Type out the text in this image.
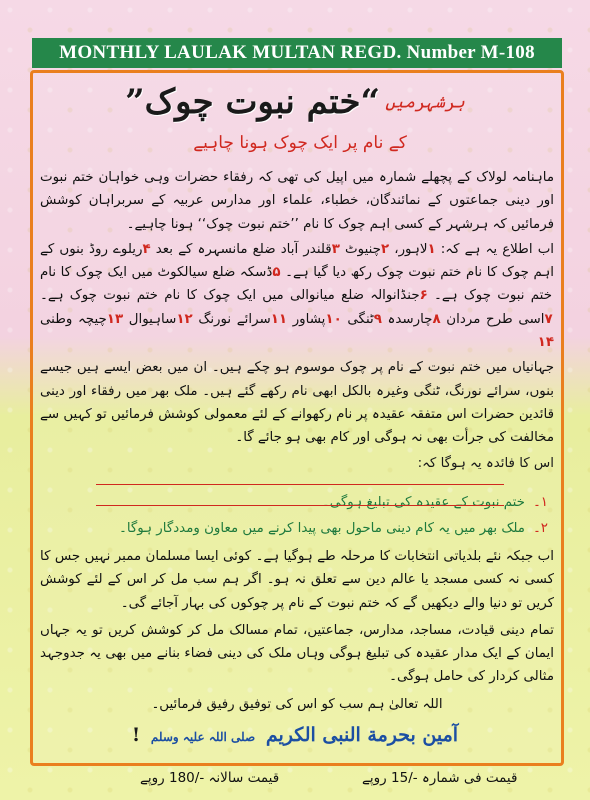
MONTHLY LAULAK MULTAN REGD. Number M-108
ہرشہرمیں “ختم نبوت چوک”
کے نام پر ایک چوک ہونا چاہیے

ماہنامہ لولاک کے پچھلے شمارہ میں اپیل کی تھی کہ رفقاء حضرات وہی خواہان ختم نبوت اور دینی جماعتوں کے نمائندگان، خطباء، علماء اور مدارس عربیہ کے سربراہان کوشش فرمائیں کہ ہرشہر کے کسی اہم چوک کا نام ’’ختم نبوت چوک‘‘ ہونا چاہیے۔

اب اطلاع یہ ہے کہ: ۱لاہور، ۲چنیوٹ ۳قلندر آباد ضلع مانسہرہ کے بعد ۴ریلوے روڈ بنوں کے اہم چوک کا نام ختم نبوت چوک رکھ دیا گیا ہے۔ ۵ڈسکہ ضلع سیالکوٹ میں ایک چوک کا نام ختم نبوت چوک ہے۔ ۶جنڈانوالہ ضلع میانوالی میں ایک چوک کا نام ختم نبوت چوک ہے۔ ۷اسی طرح مردان ۸چارسدہ ۹ٹنگی ۱۰پشاور ۱۱سرائے نورنگ ۱۲ساہیوال ۱۳چیچہ وطنی ۱۴

جہانیاں میں ختم نبوت کے نام پر چوک موسوم ہو چکے ہیں۔ ان میں بعض ایسے ہیں جیسے بنوں، سرائے نورنگ، ٹنگی وغیرہ بالکل ابھی نام رکھے گئے ہیں۔ ملک بھر میں رفقاء اور دینی قائدین حضرات اس متفقہ عقیدہ پر نام رکھوانے کے لئے معمولی کوشش فرمائیں تو کہیں سے مخالفت کی جرأت بھی نہ ہوگی اور کام بھی ہو جائے گا۔

اس کا فائدہ یہ ہوگا کہ:

۱۔ختم نبوت کے عقیدہ کی تبلیغ ہوگی۔
۲۔ملک بھر میں یہ کام دینی ماحول بھی پیدا کرنے میں معاون ومددگار ہوگا۔

اب جبکہ نئے بلدیاتی انتخابات کا مرحلہ طے ہوگیا ہے۔ کوئی ایسا مسلمان ممبر نہیں جس کا کسی نہ کسی مسجد یا عالم دین سے تعلق نہ ہو۔ اگر ہم سب مل کر اس کے لئے کوشش کریں تو دنیا والے دیکھیں گے کہ ختم نبوت کے نام پر چوکوں کی بہار آجائے گی۔

تمام دینی قیادت، مساجد، مدارس، جماعتیں، تمام مسالک مل کر کوشش کریں تو یہ جہاں ایمان کے ایک مدار عقیدہ کی تبلیغ ہوگی وہاں ملک کی دینی فضاء بنانے میں بھی یہ جدوجہد مثالی کردار کی حامل ہوگی۔

اللہ تعالیٰ ہم سب کو اس کی توفیق رفیق فرمائیں۔

آمین بحرمة النبی الکریم صلی اللہ علیہ وسلم !
قیمت سالانہ -/180 روپے	قیمت فی شمارہ -/15 روپے
